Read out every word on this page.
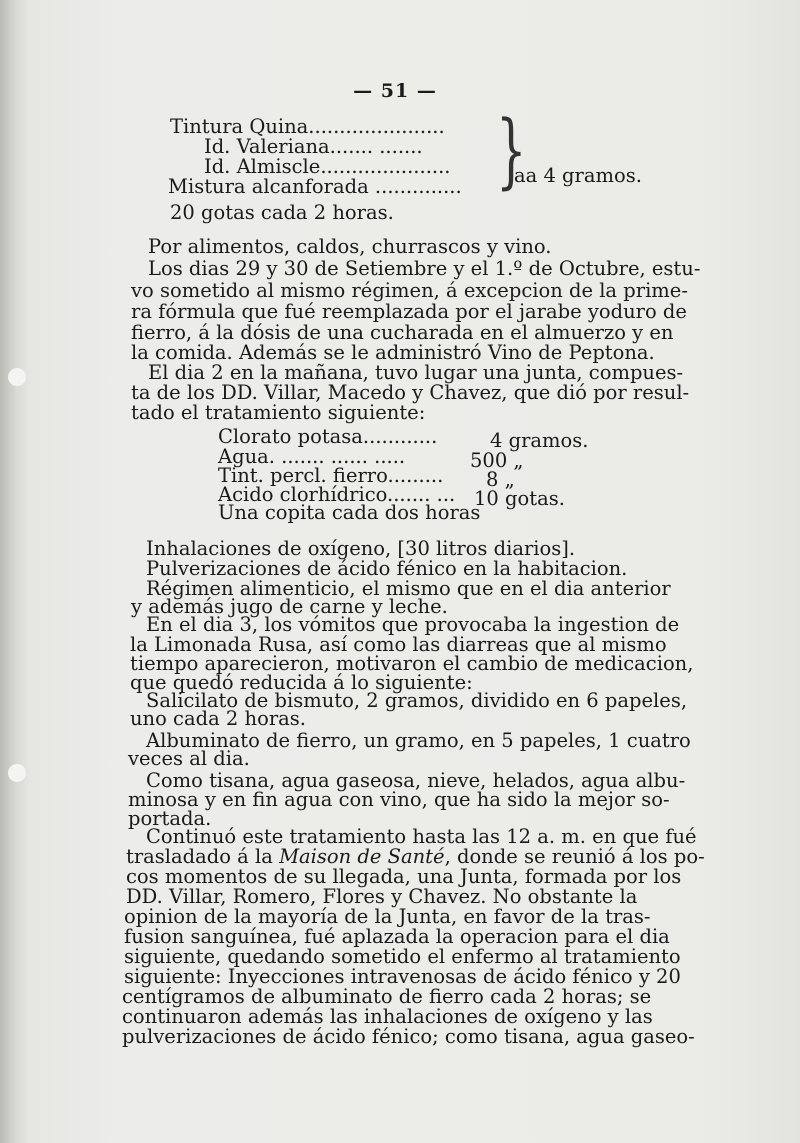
— 51 —
Tintura Quina......................
Id. Valeriana....... .......
Id. Almiscle.....................
Mistura alcanforada .............. }
aa 4 gramos.
20 gotas cada 2 horas.
Por alimentos, caldos, churrascos y vino.
Los dias 29 y 30 de Setiembre y el 1.º de Octubre, estu-
vo sometido al mismo régimen, á excepcion de la prime-
ra fórmula que fué reemplazada por el jarabe yoduro de
fierro, á la dósis de una cucharada en el almuerzo y en
la comida. Además se le administró Vino de Peptona.
El dia 2 en la mañana, tuvo lugar una junta, compues-
ta de los DD. Villar, Macedo y Chavez, que dió por resul-
tado el tratamiento siguiente:
Clorato potasa............	4 gramos.
Agua. ....... ...... .....	500 „
Tint. percl. fierro......... 8 „
Acido clorhídrico....... ... 10 gotas.
Una copita cada dos horas
Inhalaciones de oxígeno, [30 litros diarios].
Pulverizaciones de ácido fénico en la habitacion.
Régimen alimenticio, el mismo que en el dia anterior
y además jugo de carne y leche.
En el dia 3, los vómitos que provocaba la ingestion de
la Limonada Rusa, así como las diarreas que al mismo
tiempo aparecieron, motivaron el cambio de medicacion,
que quedó reducida á lo siguiente:
Salicilato de bismuto, 2 gramos, dividido en 6 papeles,
uno cada 2 horas.
Albuminato de fierro, un gramo, en 5 papeles, 1 cuatro
veces al dia.
Como tisana, agua gaseosa, nieve, helados, agua albu-
minosa y en fin agua con vino, que ha sido la mejor so-
portada.
Continuó este tratamiento hasta las 12 a. m. en que fué
trasladado á la Maison de Santé, donde se reunió á los po-
cos momentos de su llegada, una Junta, formada por los
DD. Villar, Romero, Flores y Chavez. No obstante la
opinion de la mayoría de la Junta, en favor de la tras-
fusion sanguínea, fué aplazada la operacion para el dia
siguiente, quedando sometido el enfermo al tratamiento
siguiente: Inyecciones intravenosas de ácido fénico y 20
centígramos de albuminato de fierro cada 2 horas; se
continuaron además las inhalaciones de oxígeno y las
pulverizaciones de ácido fénico; como tisana, agua gaseo-
